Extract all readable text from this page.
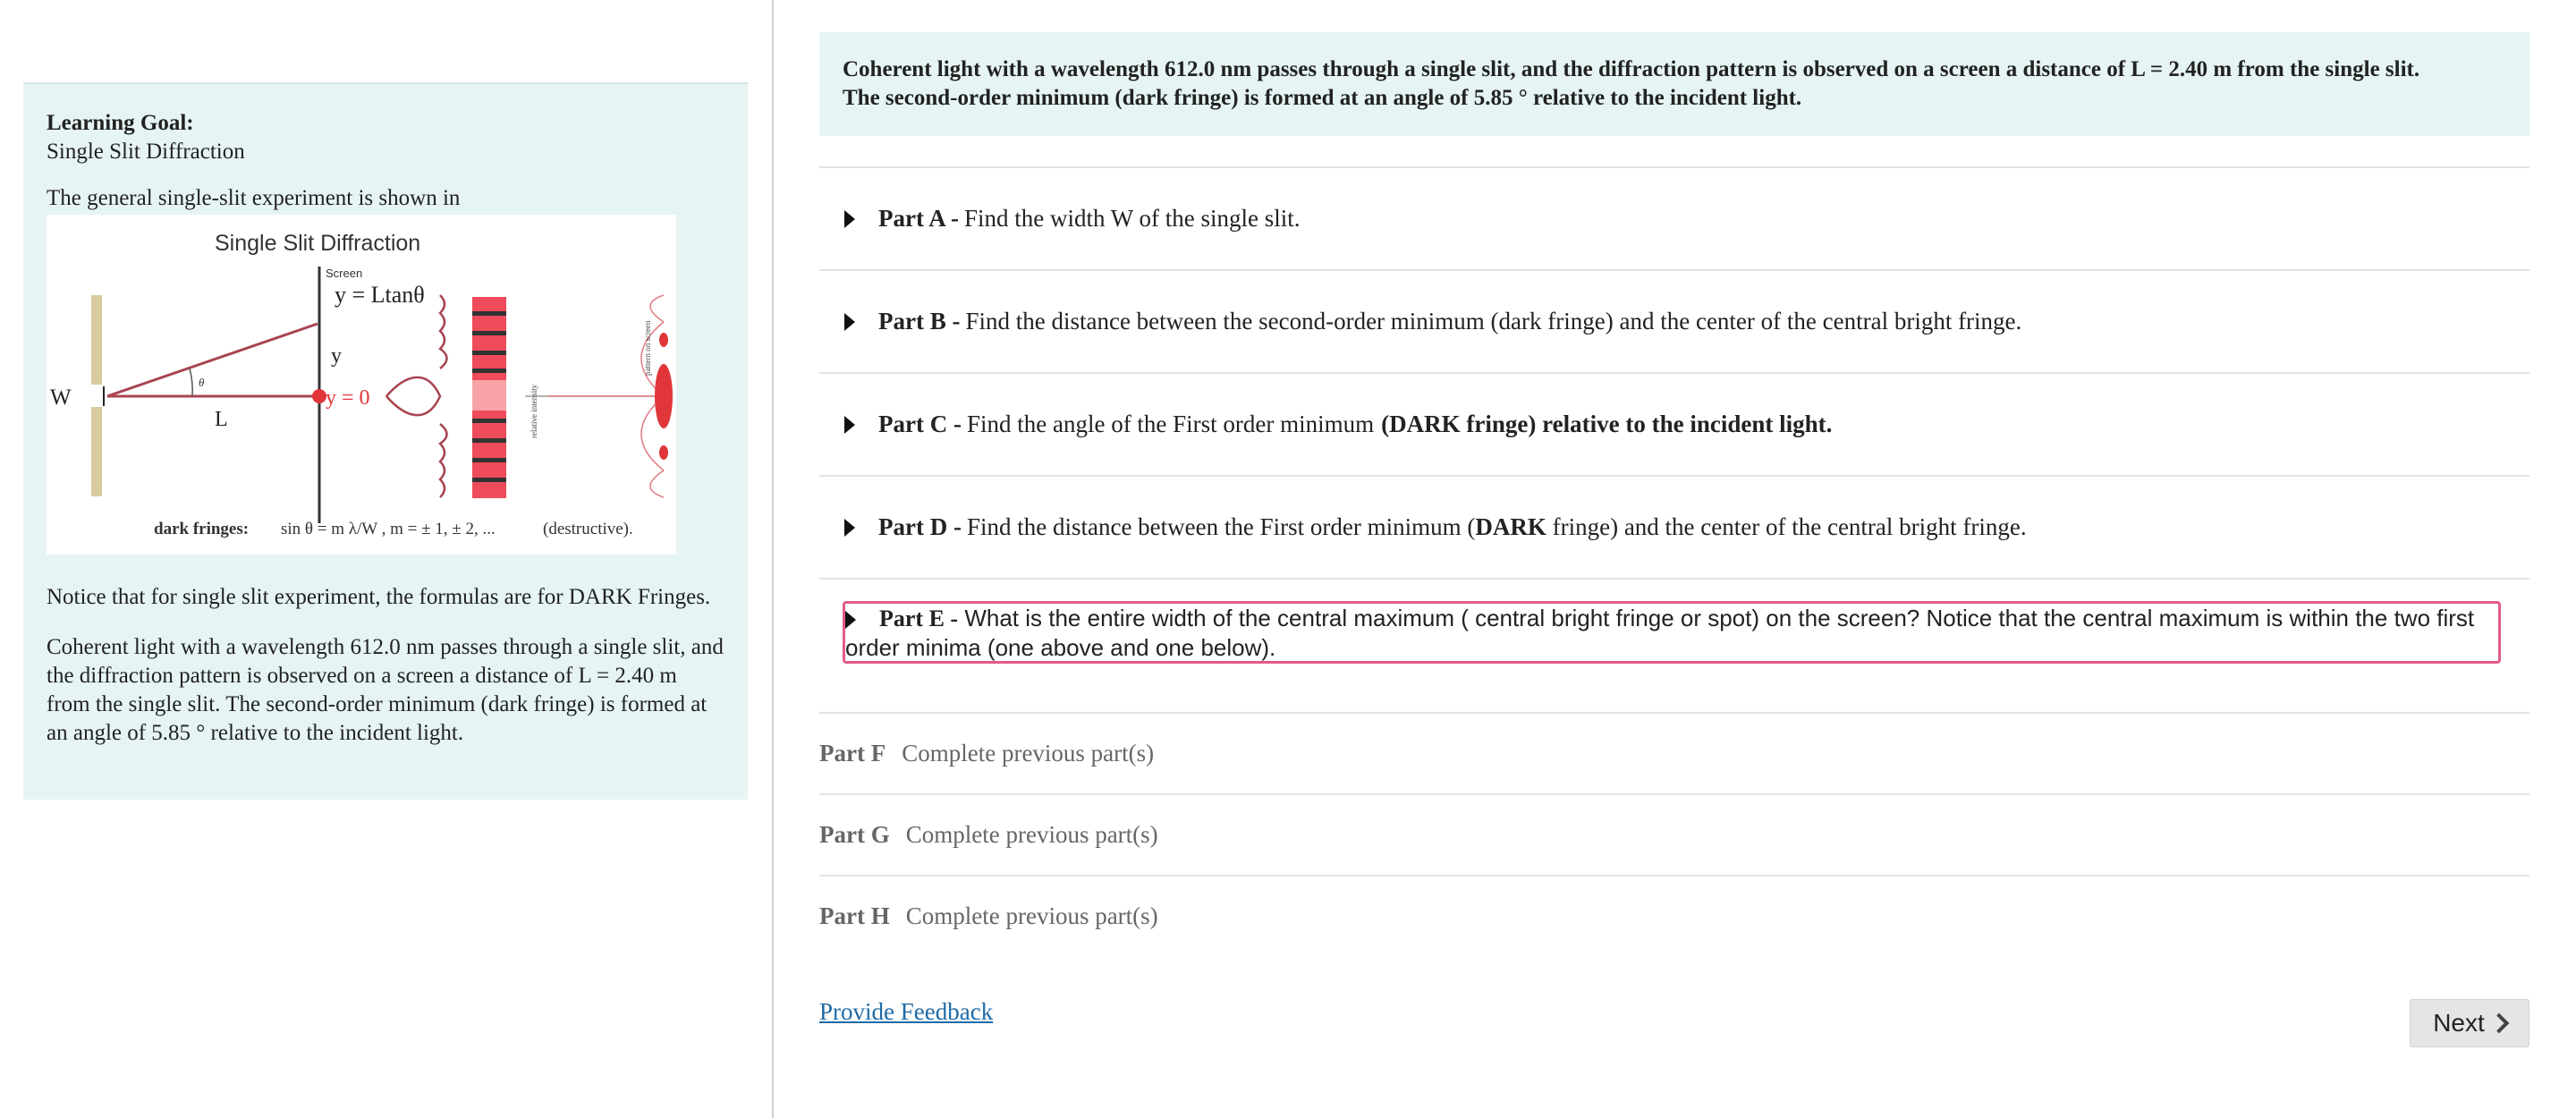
Learning Goal:
Single Slit Diffraction
The general single-slit experiment is shown in
Single Slit Diffraction
W
θ
L
Screen
y = Ltanθ
y
y = 0	relative intensity
pattern on screen
dark fringes: sin θ = m λ/W , m = ± 1, ± 2, ...	(destructive).

Notice that for single slit experiment, the formulas are for DARK Fringes.

Coherent light with a wavelength 612.0 nm passes through a single slit, and the diffraction pattern is observed on a screen a distance of L = 2.40 m from the single slit. The second-order minimum (dark fringe) is formed at an angle of 5.85 ° relative to the incident light.

Coherent light with a wavelength 612.0 nm passes through a single slit, and the diffraction pattern is observed on a screen a distance of L = 2.40 m from the single slit.
The second-order minimum (dark fringe) is formed at an angle of 5.85 ° relative to the incident light.
Part A - Find the width W of the single slit.
Part B - Find the distance between the second-order minimum (dark fringe) and the center of the central bright fringe.
Part C - Find the angle of the First order minimum (DARK fringe) relative to the incident light.
Part D - Find the distance between the First order minimum ( DARK fringe) and the center of the central bright fringe.
Part E - What is the entire width of the central maximum ( central bright fringe or spot) on the screen? Notice that the central maximum is within the two first order minima (one above and one below).
Part F Complete previous part(s)
Part G Complete previous part(s)
Part H Complete previous part(s)
Provide Feedback	Next
